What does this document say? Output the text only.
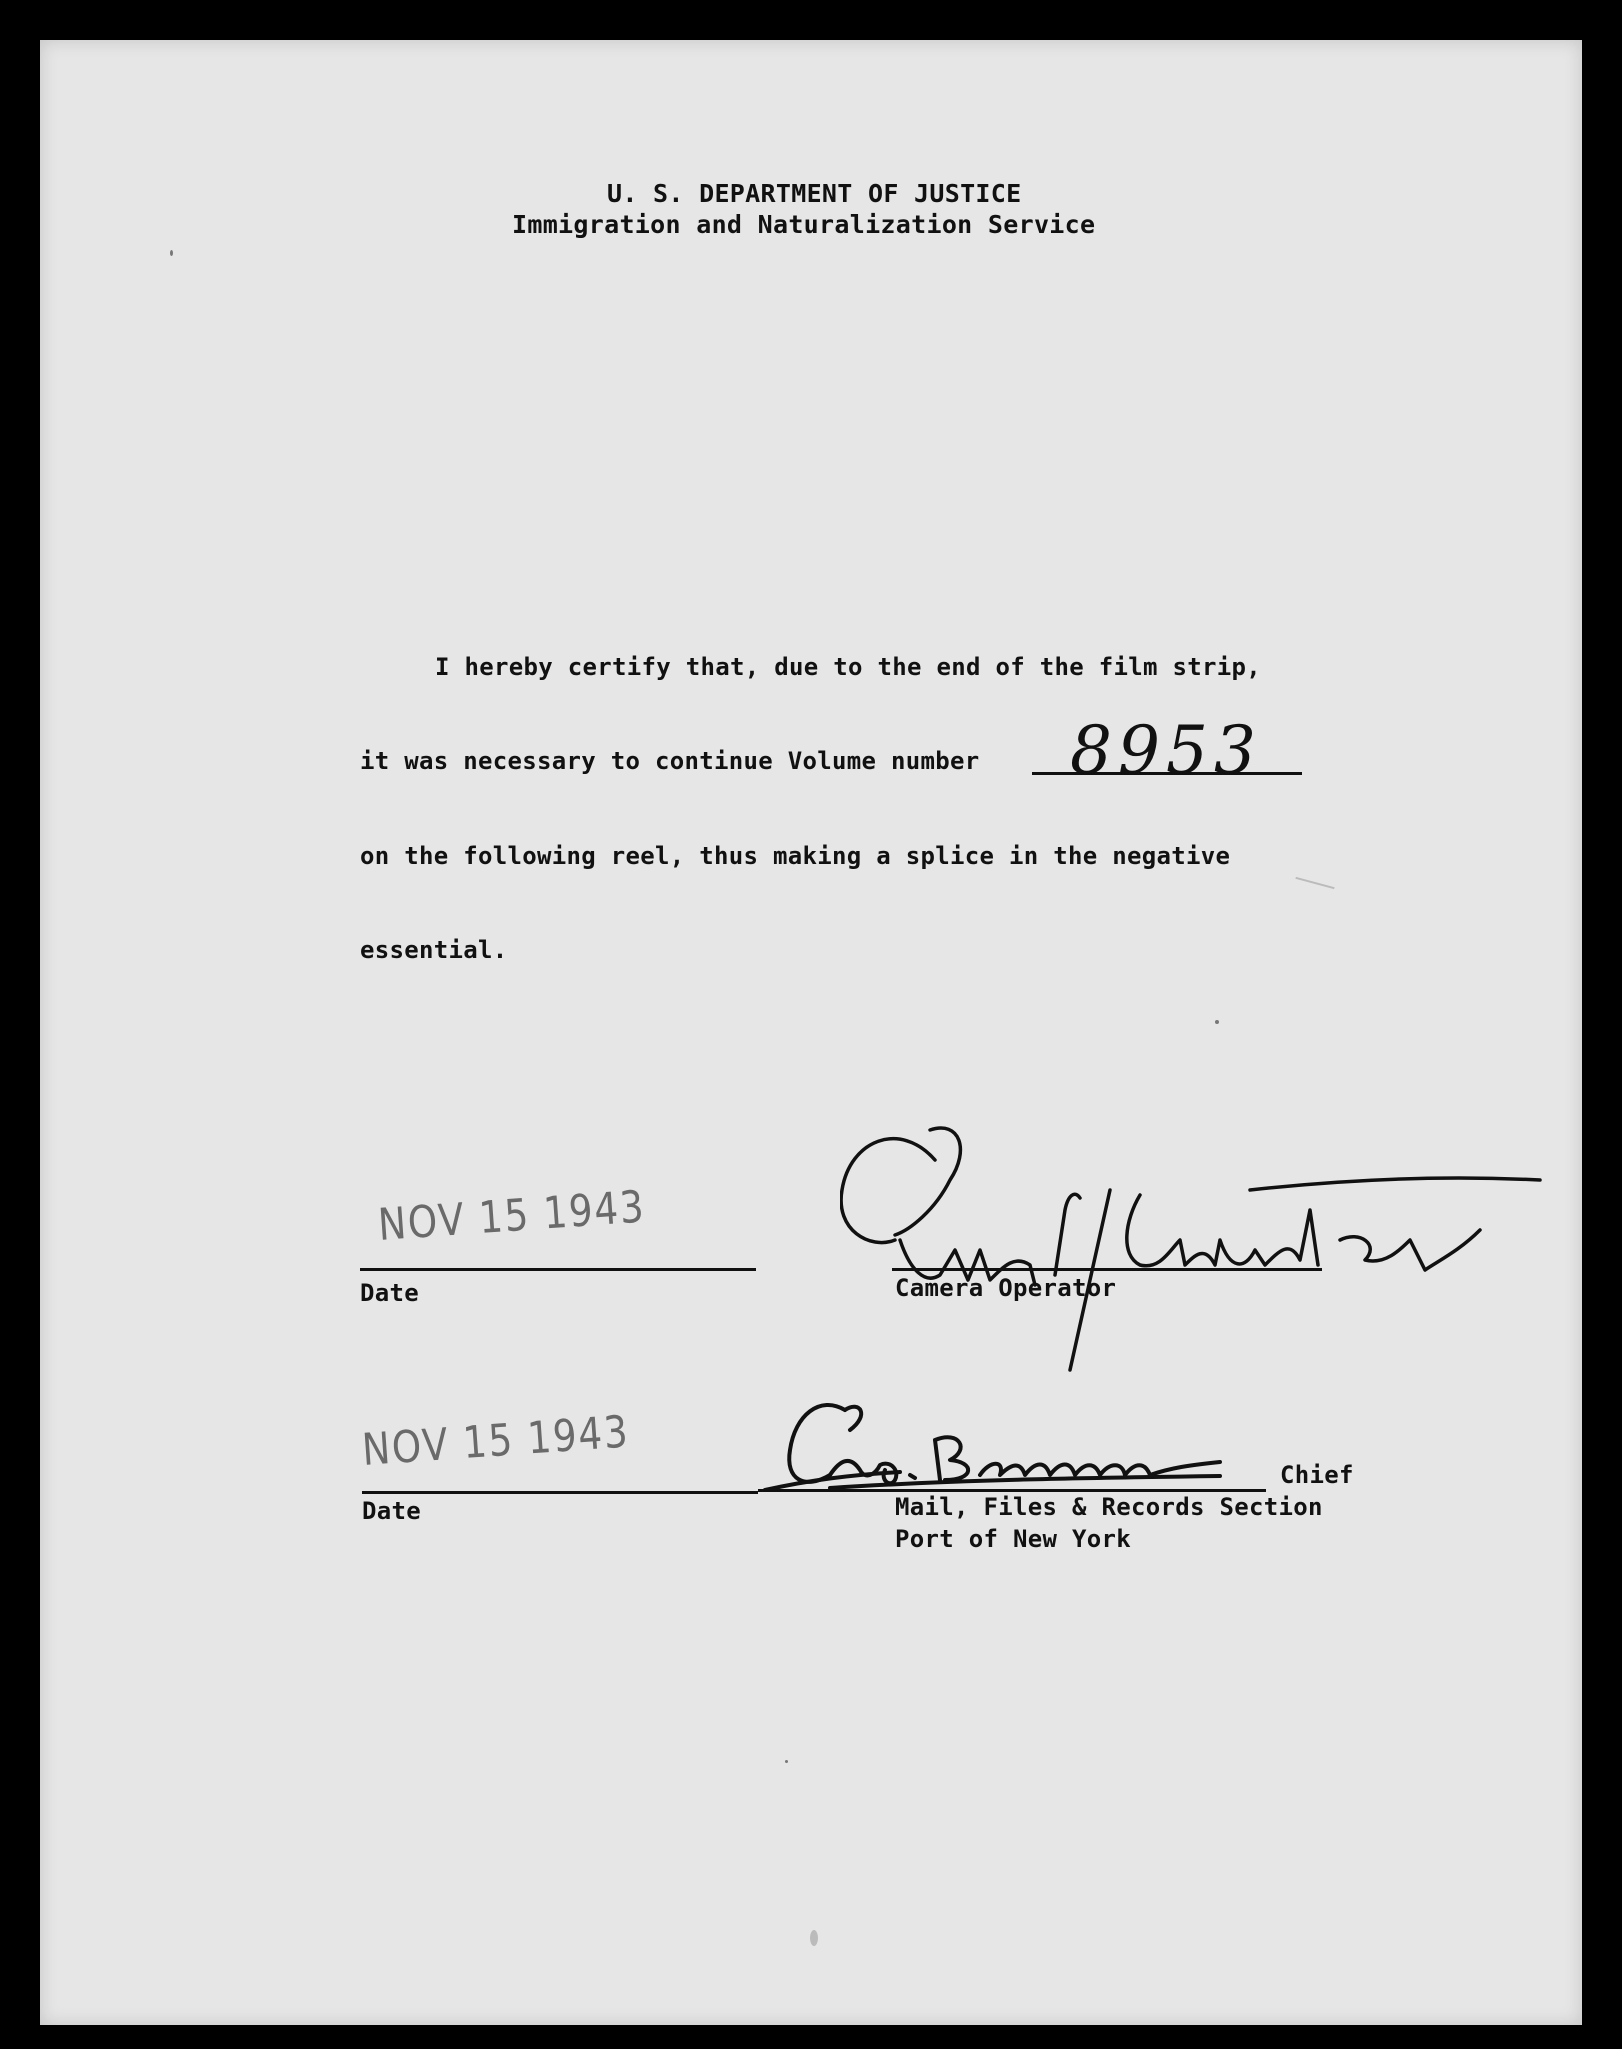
U. S. DEPARTMENT OF JUSTICE
Immigration and Naturalization Service
I hereby certify that, due to the end of the film strip,
it was necessary to continue Volume number 8953
on the following reel, thus making a splice in the negative
essential.
NOV 15 1943
Date	Camera Operator
NOV 15 1943
Date
Chief
Mail, Files & Records Section
Port of New York
